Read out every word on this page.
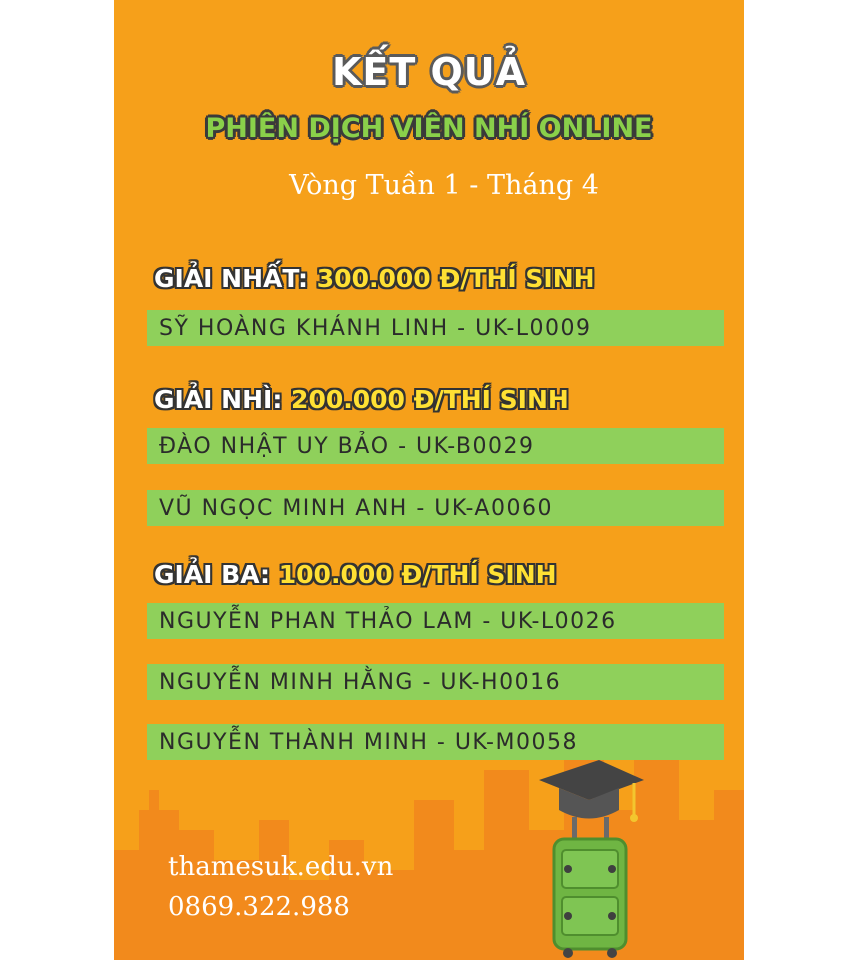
KẾT QUẢ
PHIÊN DỊCH VIÊN NHÍ ONLINE
Vòng Tuần 1 - Tháng 4
GIẢI NHẤT: 300.000 Đ/THÍ SINH
SỸ HOÀNG KHÁNH LINH - UK-L0009
GIẢI NHÌ: 200.000 Đ/THÍ SINH
ĐÀO NHẬT UY BẢO - UK-B0029
VŨ NGỌC MINH ANH - UK-A0060
GIẢI BA: 100.000 Đ/THÍ SINH
NGUYỄN PHAN THẢO LAM - UK-L0026
NGUYỄN MINH HẰNG - UK-H0016
NGUYỄN THÀNH MINH - UK-M0058
thamesuk.edu.vn
0869.322.988
